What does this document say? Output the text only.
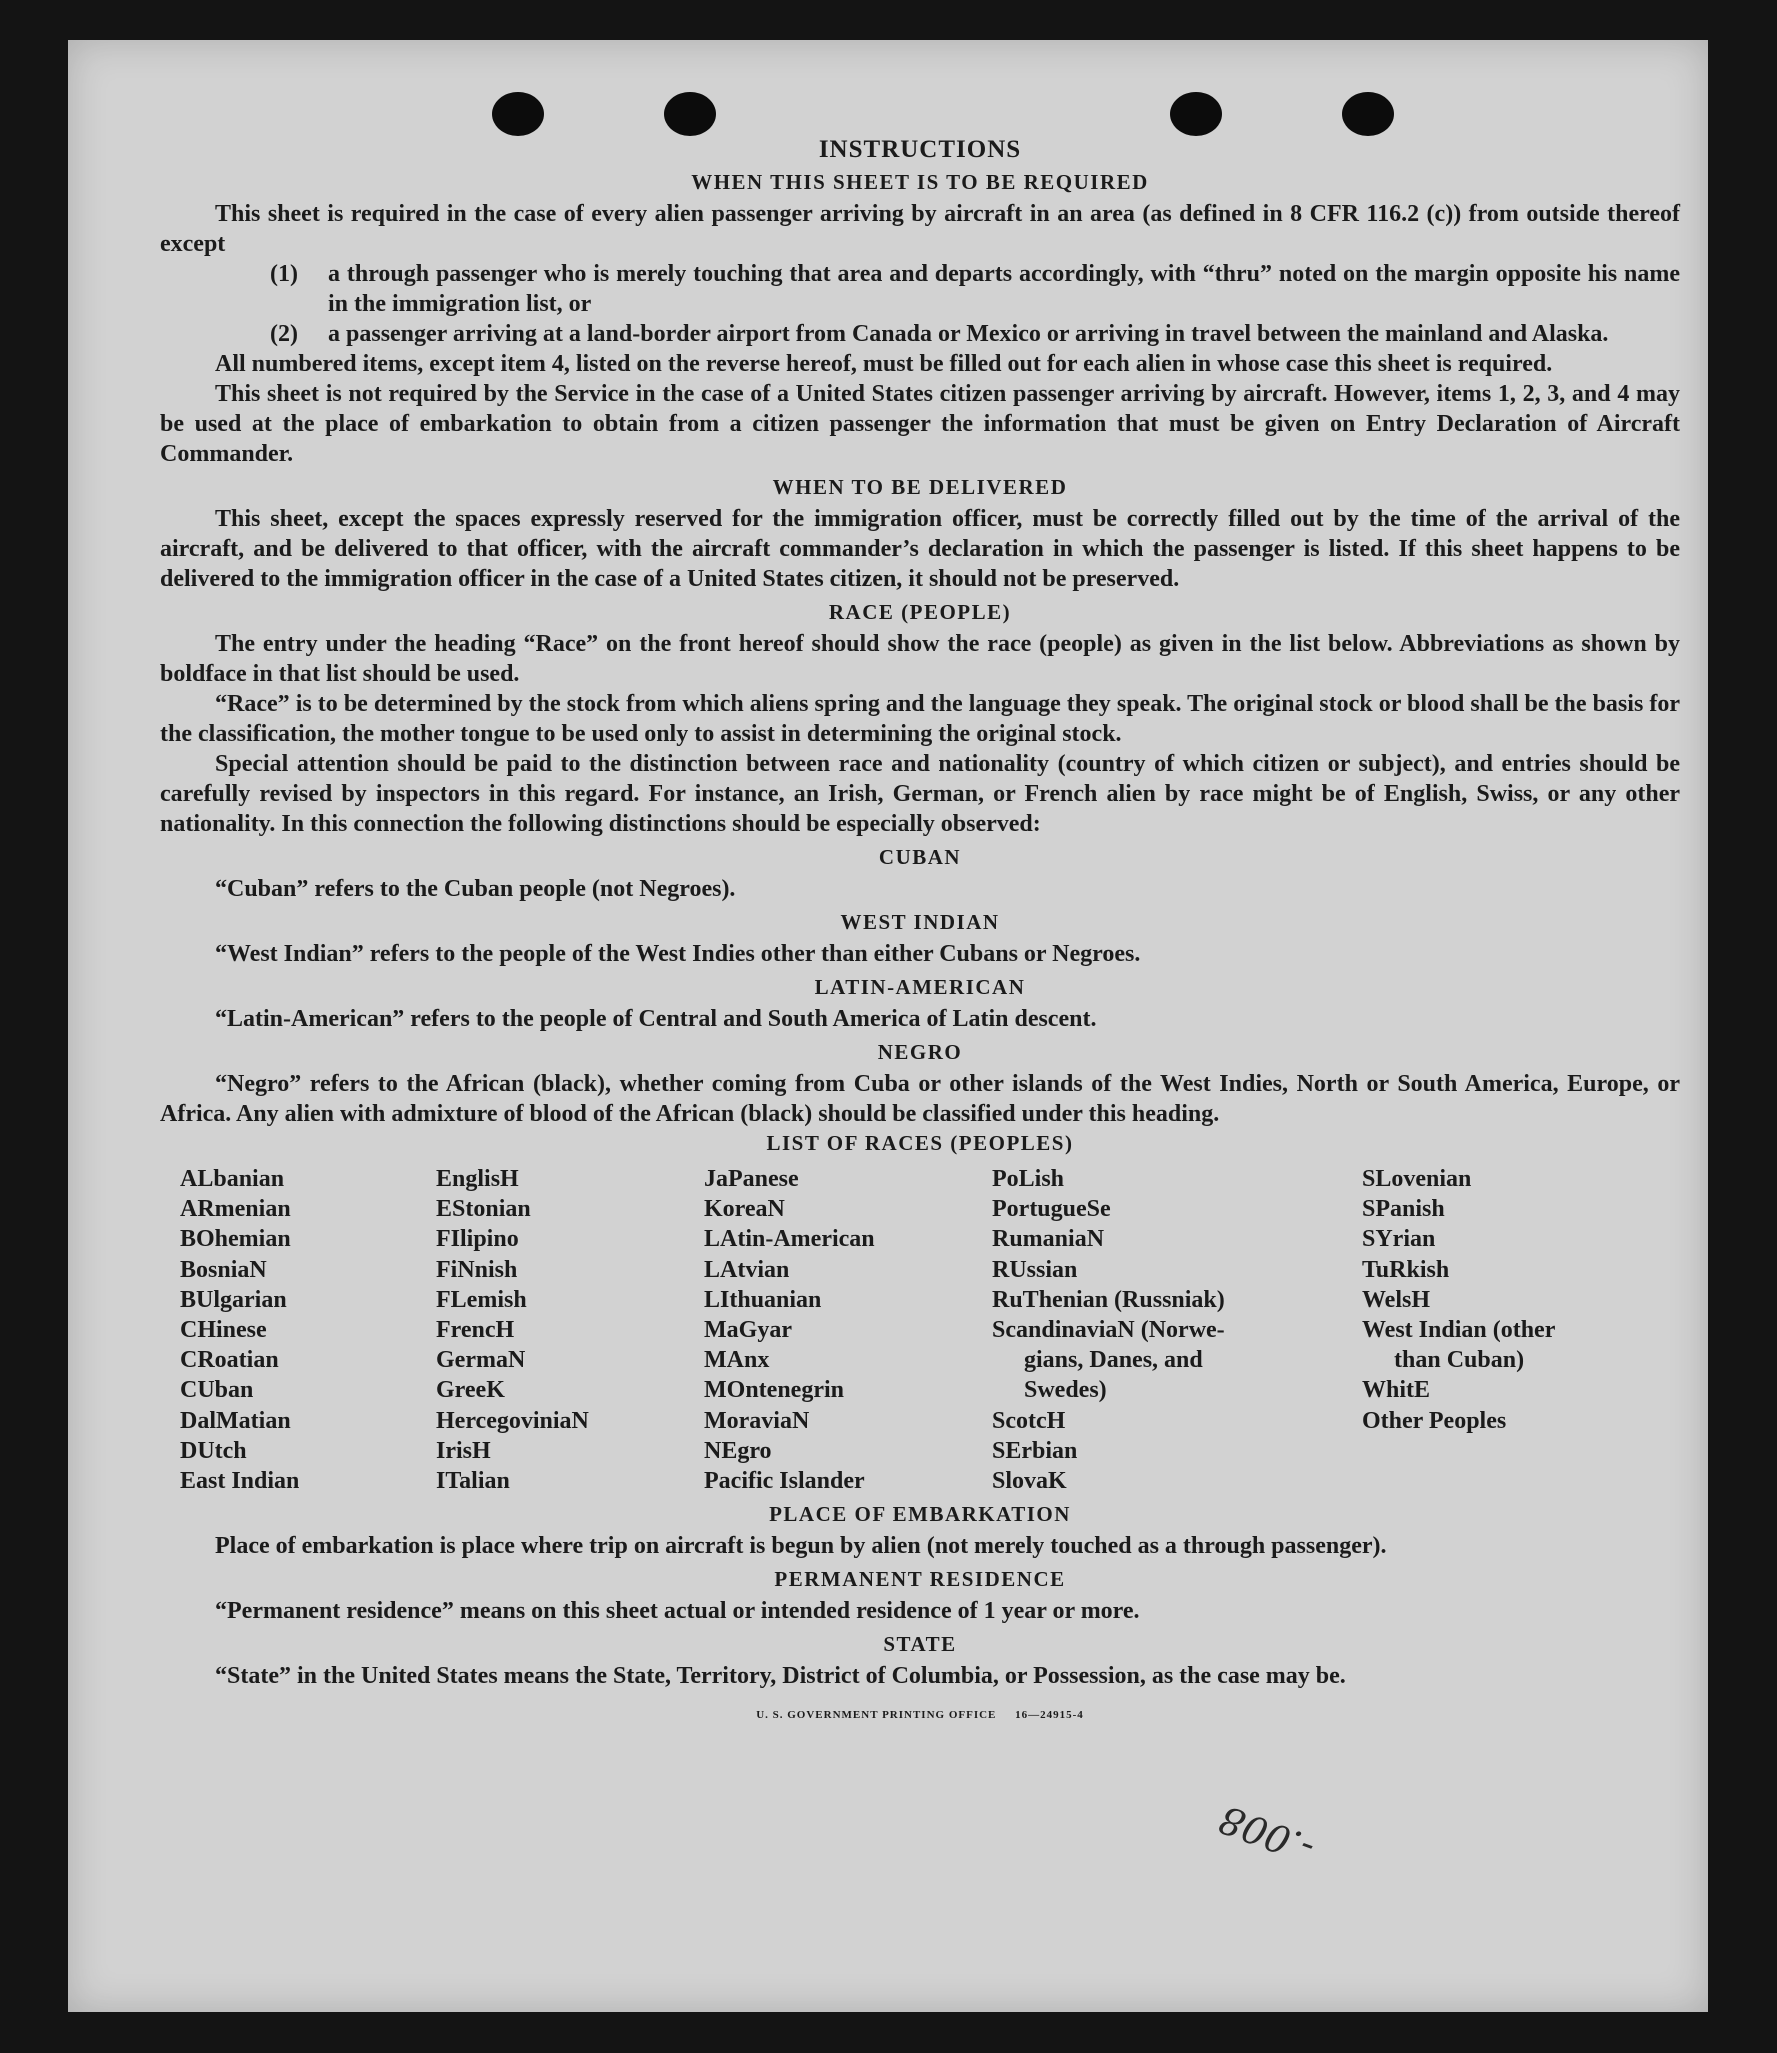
INSTRUCTIONS
WHEN THIS SHEET IS TO BE REQUIRED

This sheet is required in the case of every alien passenger arriving by aircraft in an area (as defined in 8 CFR 116.2 (c)) from outside thereof except

(1)	a through passenger who is merely touching that area and departs accordingly, with “thru” noted on the margin opposite his name in the immigration list, or
(2)	a passenger arriving at a land-border airport from Canada or Mexico or arriving in travel between the mainland and Alaska.

All numbered items, except item 4, listed on the reverse hereof, must be filled out for each alien in whose case this sheet is required.

This sheet is not required by the Service in the case of a United States citizen passenger arriving by aircraft. However, items 1, 2, 3, and 4 may be used at the place of embarkation to obtain from a citizen passenger the information that must be given on Entry Declaration of Aircraft Commander.

WHEN TO BE DELIVERED

This sheet, except the spaces expressly reserved for the immigration officer, must be correctly filled out by the time of the arrival of the aircraft, and be delivered to that officer, with the aircraft commander’s declaration in which the passenger is listed. If this sheet happens to be delivered to the immigration officer in the case of a United States citizen, it should not be preserved.

RACE (PEOPLE)

The entry under the heading “Race” on the front hereof should show the race (people) as given in the list below. Abbreviations as shown by boldface in that list should be used.

“Race” is to be determined by the stock from which aliens spring and the language they speak. The original stock or blood shall be the basis for the classification, the mother tongue to be used only to assist in determining the original stock.

Special attention should be paid to the distinction between race and nationality (country of which citizen or subject), and entries should be carefully revised by inspectors in this regard. For instance, an Irish, German, or French alien by race might be of English, Swiss, or any other nationality. In this connection the following distinctions should be especially observed:

CUBAN

“Cuban” refers to the Cuban people (not Negroes).

WEST INDIAN

“West Indian” refers to the people of the West Indies other than either Cubans or Negroes.

LATIN-AMERICAN

“Latin-American” refers to the people of Central and South America of Latin descent.

NEGRO

“Negro” refers to the African (black), whether coming from Cuba or other islands of the West Indies, North or South America, Europe, or Africa. Any alien with admixture of blood of the African (black) should be classified under this heading.

LIST OF RACES (PEOPLES)
ALbanian
ARmenian
BOhemian
BosniaN
BUlgarian
CHinese
CRoatian
CUban
DalMatian
DUtch
East Indian
EnglisH
EStonian
FIlipino
FiNnish
FLemish
FrencH
GermaN
GreeK
HercegoviniaN
IrisH
ITalian
JaPanese
KoreaN
LAtin-American
LAtvian
LIthuanian
MaGyar
MAnx
MOntenegrin
MoraviaN
NEgro
Pacific Islander
PoLish
PortugueSe
RumaniaN
RUssian
RuThenian (Russniak)
ScandinaviaN (Norwe-
gians, Danes, and
Swedes)
ScotcH
SErbian
SlovaK
SLovenian
SPanish
SYrian
TuRkish
WelsH
West Indian (other
than Cuban)
WhitE
Other Peoples
PLACE OF EMBARKATION

Place of embarkation is place where trip on aircraft is begun by alien (not merely touched as a through passenger).

PERMANENT RESIDENCE

“Permanent residence” means on this sheet actual or intended residence of 1 year or more.

STATE

“State” in the United States means the State, Territory, District of Columbia, or Possession, as the case may be.

U. S. GOVERNMENT PRINTING OFFICE     16—24915-4
-.008
